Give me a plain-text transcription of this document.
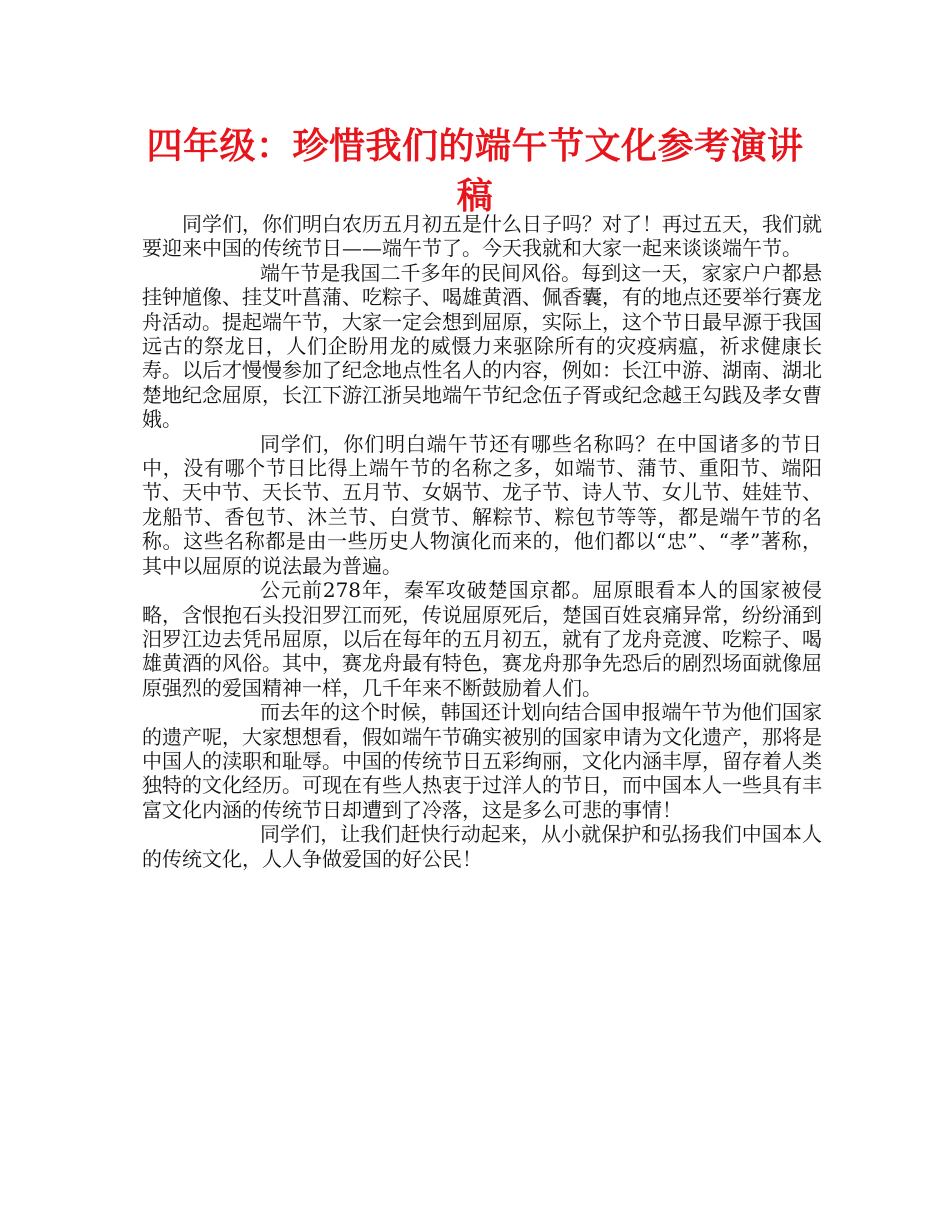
四年级：珍惜我们的端午节文化参考演讲稿

同学们，你们明白农历五月初五是什么日子吗？对了！再过五天，我们就要迎来中国的传统节日——端午节了。今天我就和大家一起来谈谈端午节。

端午节是我国二千多年的民间风俗。每到这一天，家家户户都悬挂钟馗像、挂艾叶菖蒲、吃粽子、喝雄黄酒、佩香囊，有的地点还要举行赛龙舟活动。提起端午节，大家一定会想到屈原，实际上，这个节日最早源于我国远古的祭龙日，人们企盼用龙的威慑力来驱除所有的灾疫病瘟，祈求健康长寿。以后才慢慢参加了纪念地点性名人的内容，例如：长江中游、湖南、湖北楚地纪念屈原，长江下游江浙吴地端午节纪念伍子胥或纪念越王勾践及孝女曹娥。

同学们，你们明白端午节还有哪些名称吗？在中国诸多的节日中，没有哪个节日比得上端午节的名称之多，如端节、蒲节、重阳节、端阳节、天中节、天长节、五月节、女娲节、龙子节、诗人节、女儿节、娃娃节、龙船节、香包节、沐兰节、白赏节、解粽节、粽包节等等，都是端午节的名称。这些名称都是由一些历史人物演化而来的，他们都以“忠”、“孝”著称，其中以屈原的说法最为普遍。

公元前278年，秦军攻破楚国京都。屈原眼看本人的国家被侵略，含恨抱石头投汨罗江而死，传说屈原死后，楚国百姓哀痛异常，纷纷涌到汨罗江边去凭吊屈原，以后在每年的五月初五，就有了龙舟竞渡、吃粽子、喝雄黄酒的风俗。其中，赛龙舟最有特色，赛龙舟那争先恐后的剧烈场面就像屈原强烈的爱国精神一样，几千年来不断鼓励着人们。

而去年的这个时候，韩国还计划向结合国申报端午节为他们国家的遗产呢，大家想想看，假如端午节确实被别的国家申请为文化遗产，那将是中国人的渎职和耻辱。中国的传统节日五彩绚丽，文化内涵丰厚，留存着人类独特的文化经历。可现在有些人热衷于过洋人的节日，而中国本人一些具有丰富文化内涵的传统节日却遭到了冷落，这是多么可悲的事情！

同学们，让我们赶快行动起来，从小就保护和弘扬我们中国本人的传统文化，人人争做爱国的好公民！
